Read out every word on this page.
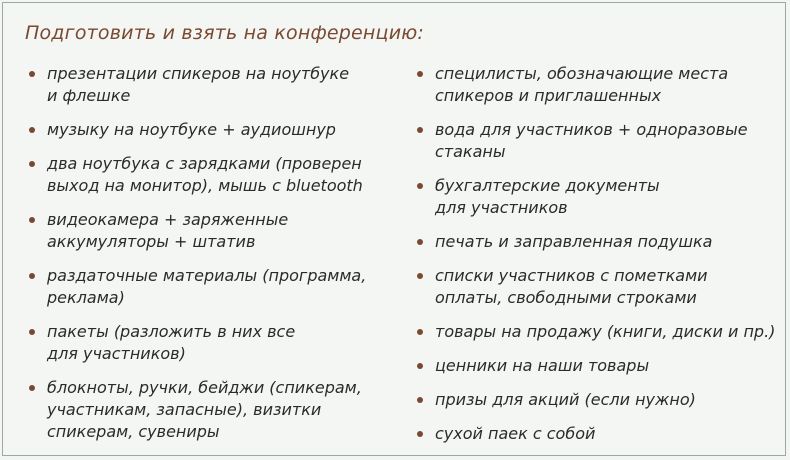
Подготовить и взять на конференцию:
презентации спикеров на ноутбуке
и флешке
музыку на ноутбуке + аудиошнур
два ноутбука с зарядками (проверен
выход на монитор), мышь с bluetooth
видеокамера + заряженные
аккумуляторы + штатив
раздаточные материалы (программа,
реклама)
пакеты (разложить в них все
для участников)
блокноты, ручки, бейджи (спикерам,
участникам, запасные), визитки
спикерам, сувениры
специлисты, обозначающие места
спикеров и приглашенных
вода для участников + одноразовые
стаканы
бухгалтерские документы
для участников
печать и заправленная подушка
списки участников с пометками
оплаты, свободными строками
товары на продажу (книги, диски и пр.)
ценники на наши товары
призы для акций (если нужно)
сухой паек с собой
